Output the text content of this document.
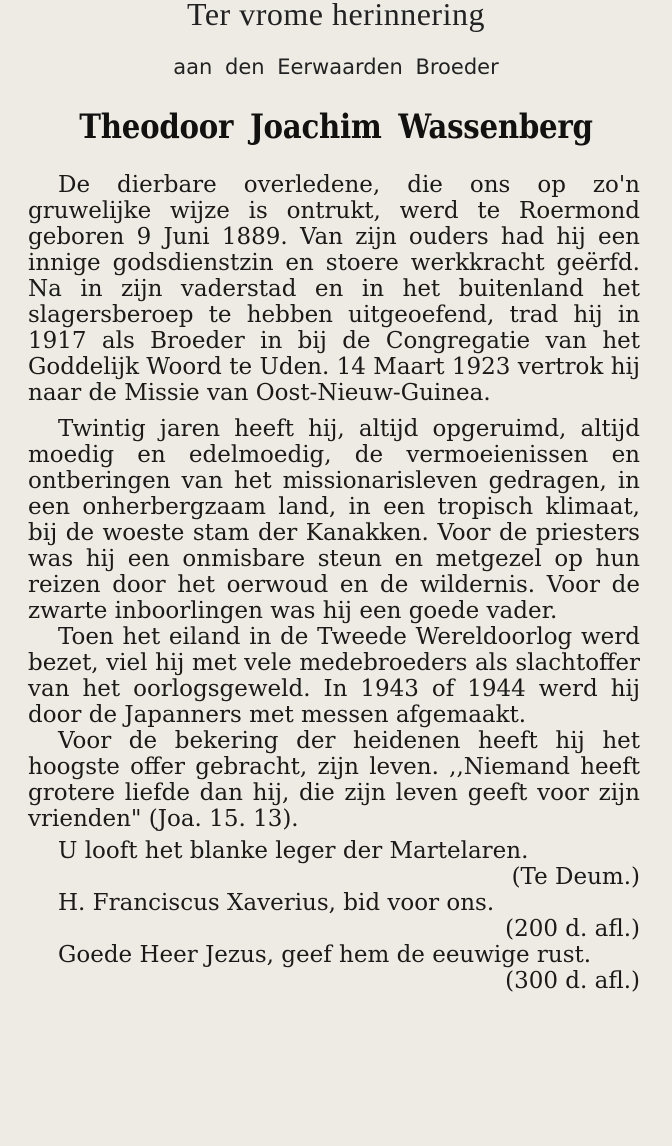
Ter vrome herinnering
aan den Eerwaarden Broeder
Theodoor Joachim Wassenberg

De dierbare overledene, die ons op zo'n gruwelijke wijze is ontrukt, werd te Roermond geboren 9 Juni 1889. Van zijn ouders had hij een innige godsdienstzin en stoere werkkracht geërfd. Na in zijn vaderstad en in het buitenland het slagersberoep te hebben uitgeoefend, trad hij in 1917 als Broeder in bij de Congregatie van het Goddelijk Woord te Uden. 14 Maart 1923 vertrok hij naar de Missie van Oost-Nieuw-Guinea.

Twintig jaren heeft hij, altijd opgeruimd, altijd moedig en edelmoedig, de vermoeienissen en ontberingen van het missionarisleven gedragen, in een onherbergzaam land, in een tropisch klimaat, bij de woeste stam der Kanakken. Voor de priesters was hij een onmisbare steun en metgezel op hun reizen door het oerwoud en de wildernis. Voor de zwarte inboorlingen was hij een goede vader.

Toen het eiland in de Tweede Wereldoorlog werd bezet, viel hij met vele medebroeders als slachtoffer van het oorlogsgeweld. In 1943 of 1944 werd hij door de Japanners met messen afgemaakt.

Voor de bekering der heidenen heeft hij het hoogste offer gebracht, zijn leven. ,,Niemand heeft grotere liefde dan hij, die zijn leven geeft voor zijn vrienden" (Joa. 15. 13).

U looft het blanke leger der Martelaren.

(Te Deum.)

H. Franciscus Xaverius, bid voor ons.

(200 d. afl.)

Goede Heer Jezus, geef hem de eeuwige rust.

(300 d. afl.)
